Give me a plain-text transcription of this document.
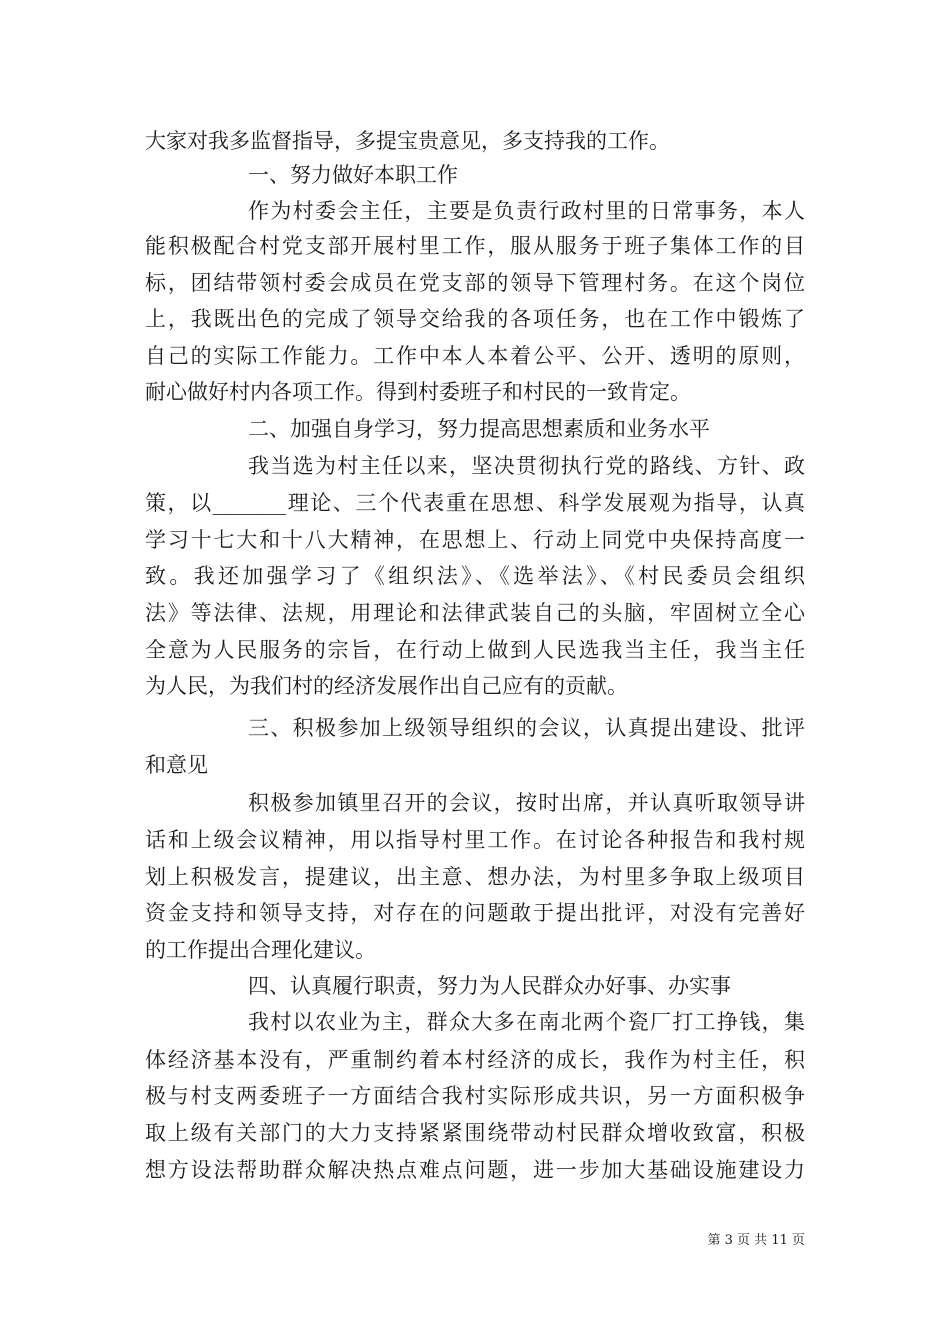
大家对我多监督指导，多提宝贵意见，多支持我的工作。
一、努力做好本职工作
作为村委会主任，主要是负责行政村里的日常事务，本人
能积极配合村党支部开展村里工作，服从服务于班子集体工作的目
标，团结带领村委会成员在党支部的领导下管理村务。在这个岗位
上，我既出色的完成了领导交给我的各项任务，也在工作中锻炼了
自己的实际工作能力。工作中本人本着公平、公开、透明的原则，
耐心做好村内各项工作。得到村委班子和村民的一致肯定。
二、加强自身学习，努力提高思想素质和业务水平
我当选为村主任以来，坚决贯彻执行党的路线、方针、政
策，以_______理论、三个代表重在思想、科学发展观为指导，认真
学习十七大和十八大精神，在思想上、行动上同党中央保持高度一
致。我还加强学习了《组织法》、《选举法》、《村民委员会组织
法》等法律、法规，用理论和法律武装自己的头脑，牢固树立全心
全意为人民服务的宗旨，在行动上做到人民选我当主任，我当主任
为人民，为我们村的经济发展作出自己应有的贡献。
三、积极参加上级领导组织的会议，认真提出建设、批评
和意见
积极参加镇里召开的会议，按时出席，并认真听取领导讲
话和上级会议精神，用以指导村里工作。在讨论各种报告和我村规
划上积极发言，提建议，出主意、想办法，为村里多争取上级项目
资金支持和领导支持，对存在的问题敢于提出批评，对没有完善好
的工作提出合理化建议。
四、认真履行职责，努力为人民群众办好事、办实事
我村以农业为主，群众大多在南北两个瓷厂打工挣钱，集
体经济基本没有，严重制约着本村经济的成长，我作为村主任，积
极与村支两委班子一方面结合我村实际形成共识，另一方面积极争
取上级有关部门的大力支持紧紧围绕带动村民群众增收致富，积极
想方设法帮助群众解决热点难点问题，进一步加大基础设施建设力
第 3 页 共 11 页
